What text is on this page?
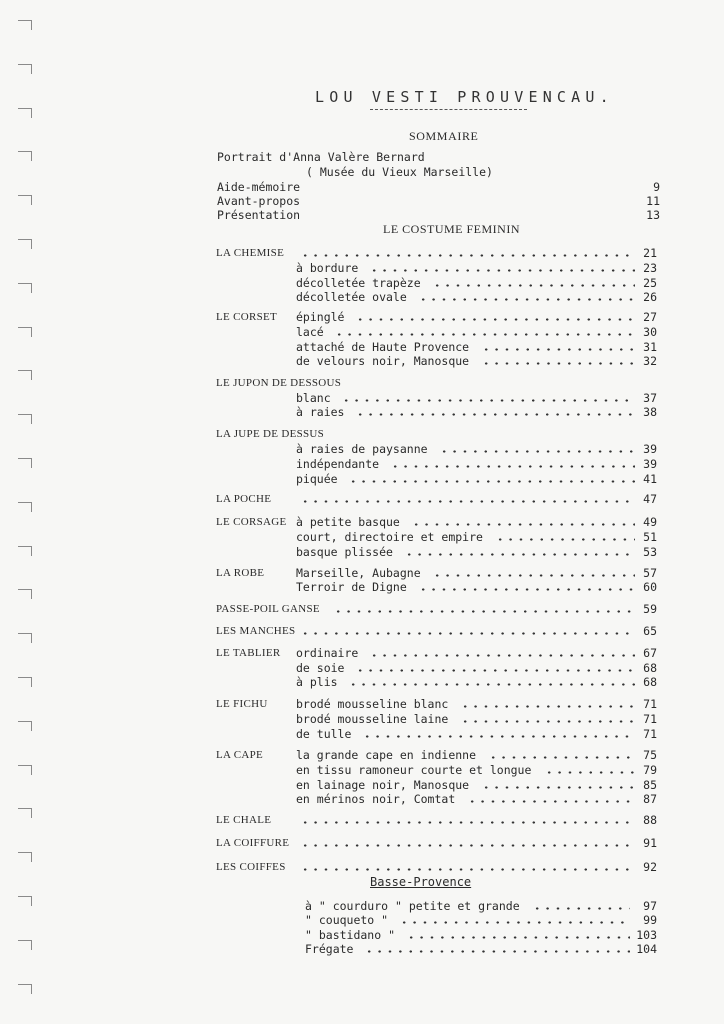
LOU VESTI PROUVENCAU.
SOMMAIRE
Portrait d'Anna Valère Bernard
( Musée du Vieux Marseille)
Aide-mémoire	9
Avant-propos	11
Présentation	13
LE COSTUME FEMININ
LA CHEMISE	21
à bordure	23
décolletée trapèze	25
décolletée ovale	26
LE CORSET épinglé	27
lacé	30
attaché de Haute Provence	31
de velours noir, Manosque	32
LE JUPON DE DESSOUS
blanc	37
à raies	38
LA JUPE DE DESSUS
à raies de paysanne	39
indépendante	39
piquée	41
LA POCHE	47
LE CORSAGE à petite basque	49
court, directoire et empire	51
basque plissée	53
LA ROBE	Marseille, Aubagne	57
Terroir de Digne	60
PASSE-POIL GANSE	59
LES MANCHES	65
LE TABLIER ordinaire	67
de soie	68
à plis	68
LE FICHU brodé mousseline blanc	71
brodé mousseline laine	71
de tulle	71
LA CAPE	la grande cape en indienne	75
en tissu ramoneur courte et longue	79
en lainage noir, Manosque	85
en mérinos noir, Comtat	87
LE CHALE	88
LA COIFFURE	91
LES COIFFES	92
Basse-Provence
à " courduro " petite et grande	97
" couqueto "	99
" bastidano "	103
Frégate	104
